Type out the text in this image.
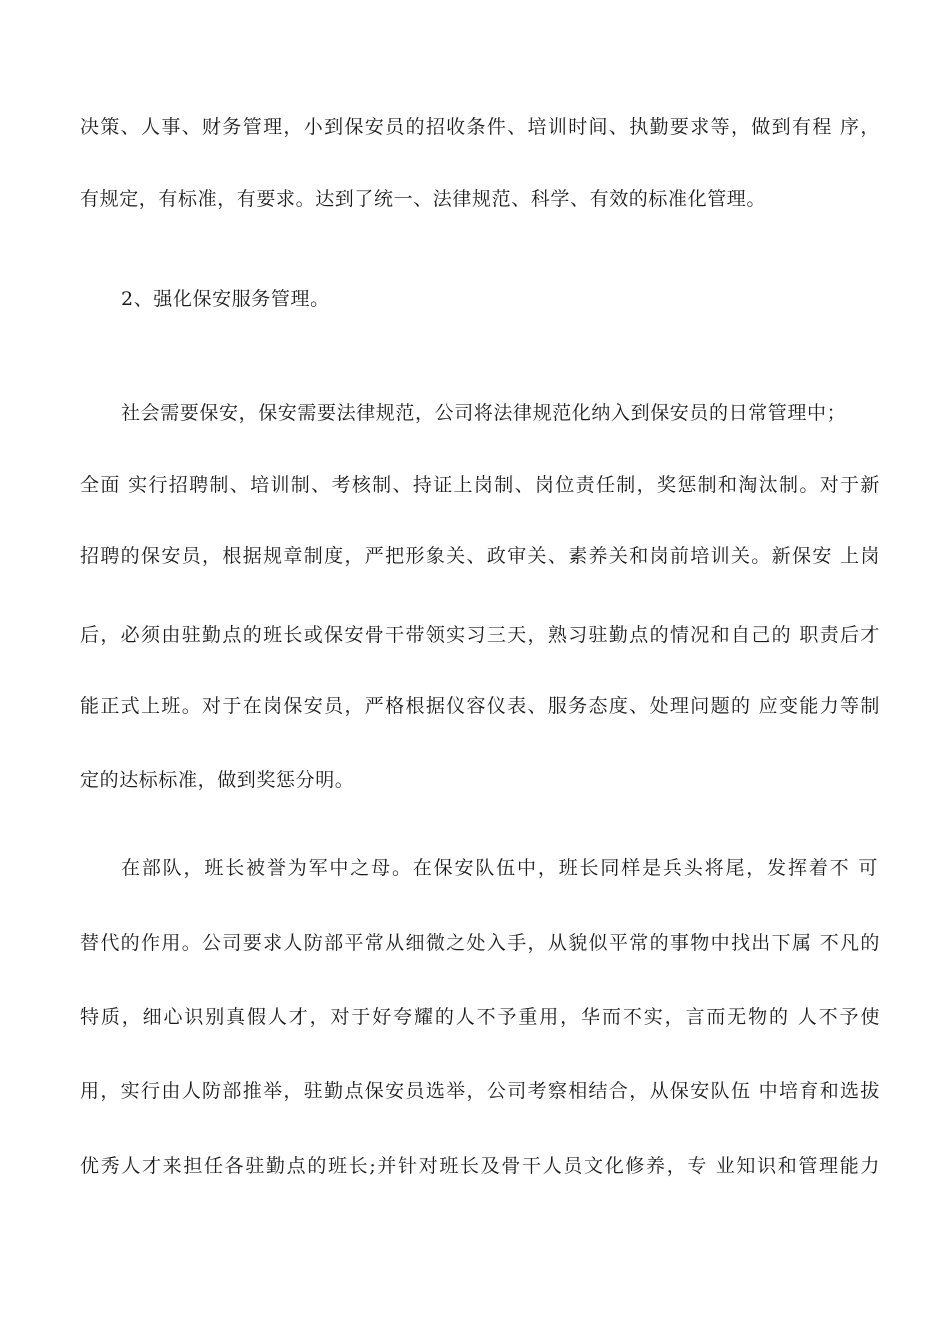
决策、人事、财务管理，小到保安员的招收条件、培训时间、执勤要求等，做到有程 序，
有规定，有标准，有要求。达到了统一、法律规范、科学、有效的标准化管理。
2、强化保安服务管理。
社会需要保安，保安需要法律规范，公司将法律规范化纳入到保安员的日常管理中；
全面 实行招聘制、培训制、考核制、持证上岗制、岗位责任制，奖惩制和淘汰制。对于新
招聘的保安员，根据规章制度，严把形象关、政审关、素养关和岗前培训关。新保安 上岗
后，必须由驻勤点的班长或保安骨干带领实习三天，熟习驻勤点的情况和自己的 职责后才
能正式上班。对于在岗保安员，严格根据仪容仪表、服务态度、处理问题的 应变能力等制
定的达标标准，做到奖惩分明。
在部队，班长被誉为军中之母。在保安队伍中，班长同样是兵头将尾，发挥着不 可
替代的作用。公司要求人防部平常从细微之处入手，从貌似平常的事物中找出下属 不凡的
特质，细心识别真假人才，对于好夸耀的人不予重用，华而不实，言而无物的 人不予使
用，实行由人防部推举，驻勤点保安员选举，公司考察相结合，从保安队伍 中培育和选拔
优秀人才来担任各驻勤点的班长;并针对班长及骨干人员文化修养，专 业知识和管理能力
